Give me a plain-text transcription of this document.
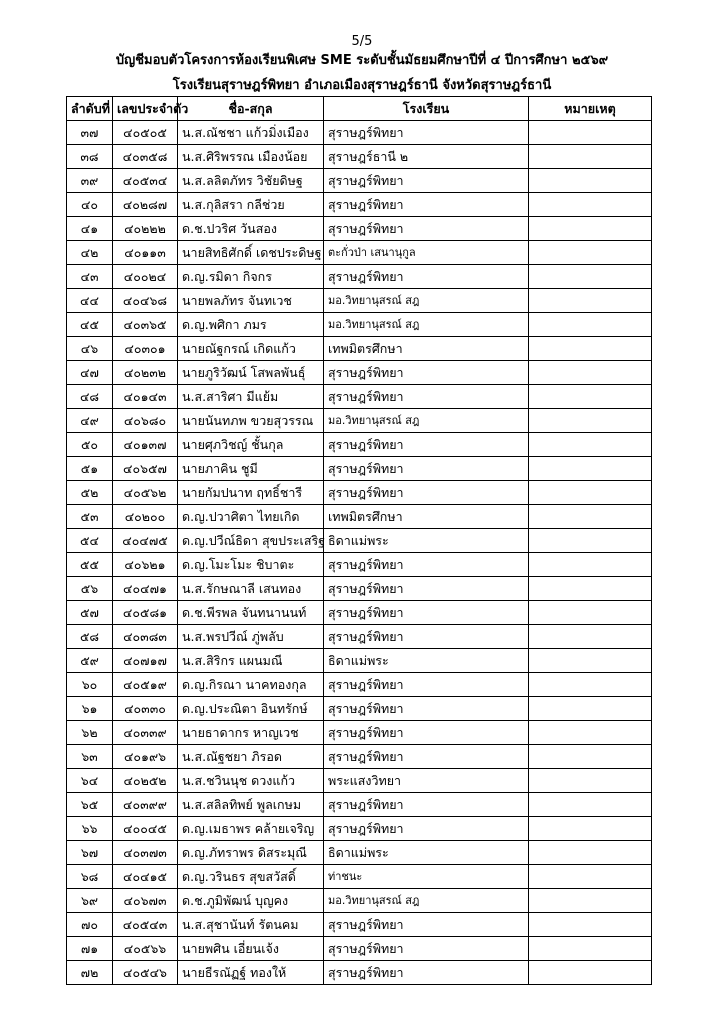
5/5
บัญชีมอบตัวโครงการห้องเรียนพิเศษ SME ระดับชั้นมัธยมศึกษาปีที่ ๔ ปีการศึกษา ๒๕๖๙
โรงเรียนสุราษฎร์พิทยา อำเภอเมืองสุราษฎร์ธานี จังหวัดสุราษฎร์ธานี
ลำดับที่	เลขประจำตัว	ชื่อ-สกุล	โรงเรียน	หมายเหตุ
๓๗	๔๐๕๐๕	น.ส.ณัชชา แก้วมิ่งเมือง	สุราษฎร์พิทยา	
๓๘	๔๐๓๕๘	น.ส.ศิริพรรณ เมืองน้อย	สุราษฎร์ธานี ๒	
๓๙	๔๐๕๓๔	น.ส.ลลิตภัทร วิชัยดิษฐ	สุราษฎร์พิทยา	
๔๐	๔๐๒๘๗	น.ส.กุลิสรา กลีช่วย	สุราษฎร์พิทยา	
๔๑	๔๐๒๒๒	ด.ช.ปวริศ วันสอง	สุราษฎร์พิทยา	
๔๒	๔๐๑๑๓	นายสิทธิศักดิ์ เดชประดิษฐ	ตะกั่วป่า เสนานุกูล	
๔๓	๔๐๐๒๔	ด.ญ.รมิดา กิจกร	สุราษฎร์พิทยา	
๔๔	๔๐๔๖๘	นายพลภัทร จันทเวช	มอ.วิทยานุสรณ์ สฎ	
๔๕	๔๐๓๖๕	ด.ญ.พศิกา ภมร	มอ.วิทยานุสรณ์ สฎ	
๔๖	๔๐๓๐๑	นายณัฐกรณ์ เกิดแก้ว	เทพมิตรศึกษา	
๔๗	๔๐๒๓๒	นายภูริวัฒน์ โสพลพันธุ์	สุราษฎร์พิทยา	
๔๘	๔๐๑๔๓	น.ส.สาริศา มีแย้ม	สุราษฎร์พิทยา	
๔๙	๔๐๖๘๐	นายนันทภพ ขวยสุวรรณ	มอ.วิทยานุสรณ์ สฎ	
๕๐	๔๐๑๓๗	นายศุภวิชญ์ ชั้นกุล	สุราษฎร์พิทยา	
๕๑	๔๐๖๕๗	นายภาคิน ชูมี	สุราษฎร์พิทยา	
๕๒	๔๐๕๖๒	นายกัมปนาท ฤทธิ์ชารี	สุราษฎร์พิทยา	
๕๓	๔๐๒๐๐	ด.ญ.ปวาศิตา ไทยเกิด	เทพมิตรศึกษา	
๕๔	๔๐๔๗๕	ด.ญ.ปวีณ์ธิดา สุขประเสริฐ	ธิดาแม่พระ	
๕๕	๔๐๖๒๑	ด.ญ.โมะโมะ ชิบาตะ	สุราษฎร์พิทยา	
๕๖	๔๐๔๗๑	น.ส.รักษณาลี เสนทอง	สุราษฎร์พิทยา	
๕๗	๔๐๕๘๑	ด.ช.พีรพล จันทนานนท์	สุราษฎร์พิทยา	
๕๘	๔๐๓๘๓	น.ส.พรปวีณ์ ภู่พลับ	สุราษฎร์พิทยา	
๕๙	๔๐๗๑๗	น.ส.สิริกร แผนมณี	ธิดาแม่พระ	
๖๐	๔๐๕๑๙	ด.ญ.กิรณา นาคทองกุล	สุราษฎร์พิทยา	
๖๑	๔๐๓๓๐	ด.ญ.ประณิตา อินทรักษ์	สุราษฎร์พิทยา	
๖๒	๔๐๓๓๙	นายธาดากร หาญเวช	สุราษฎร์พิทยา	
๖๓	๔๐๑๙๖	น.ส.ณัฐชยา ภิรอด	สุราษฎร์พิทยา	
๖๔	๔๐๒๕๒	น.ส.ชวินนุช ดวงแก้ว	พระแสงวิทยา	
๖๕	๔๐๓๙๙	น.ส.สลิลทิพย์ พูลเกษม	สุราษฎร์พิทยา	
๖๖	๔๐๐๔๕	ด.ญ.เมธาพร คล้ายเจริญ	สุราษฎร์พิทยา	
๖๗	๔๐๓๗๓	ด.ญ.ภัทราพร ดิสระมุณี	ธิดาแม่พระ	
๖๘	๔๐๔๑๕	ด.ญ.วรินธร สุขสวัสดิ์	ท่าชนะ	
๖๙	๔๐๖๗๓	ด.ช.ภูมิพัฒน์ บุญคง	มอ.วิทยานุสรณ์ สฎ	
๗๐	๔๐๕๔๓	น.ส.สุชานันท์ รัตนคม	สุราษฎร์พิทยา	
๗๑	๔๐๕๖๖	นายพศิน เอี่ยนเจ้ง	สุราษฎร์พิทยา	
๗๒	๔๐๕๔๖	นายธีรณัฏฐ์ ทองให้	สุราษฎร์พิทยา	
